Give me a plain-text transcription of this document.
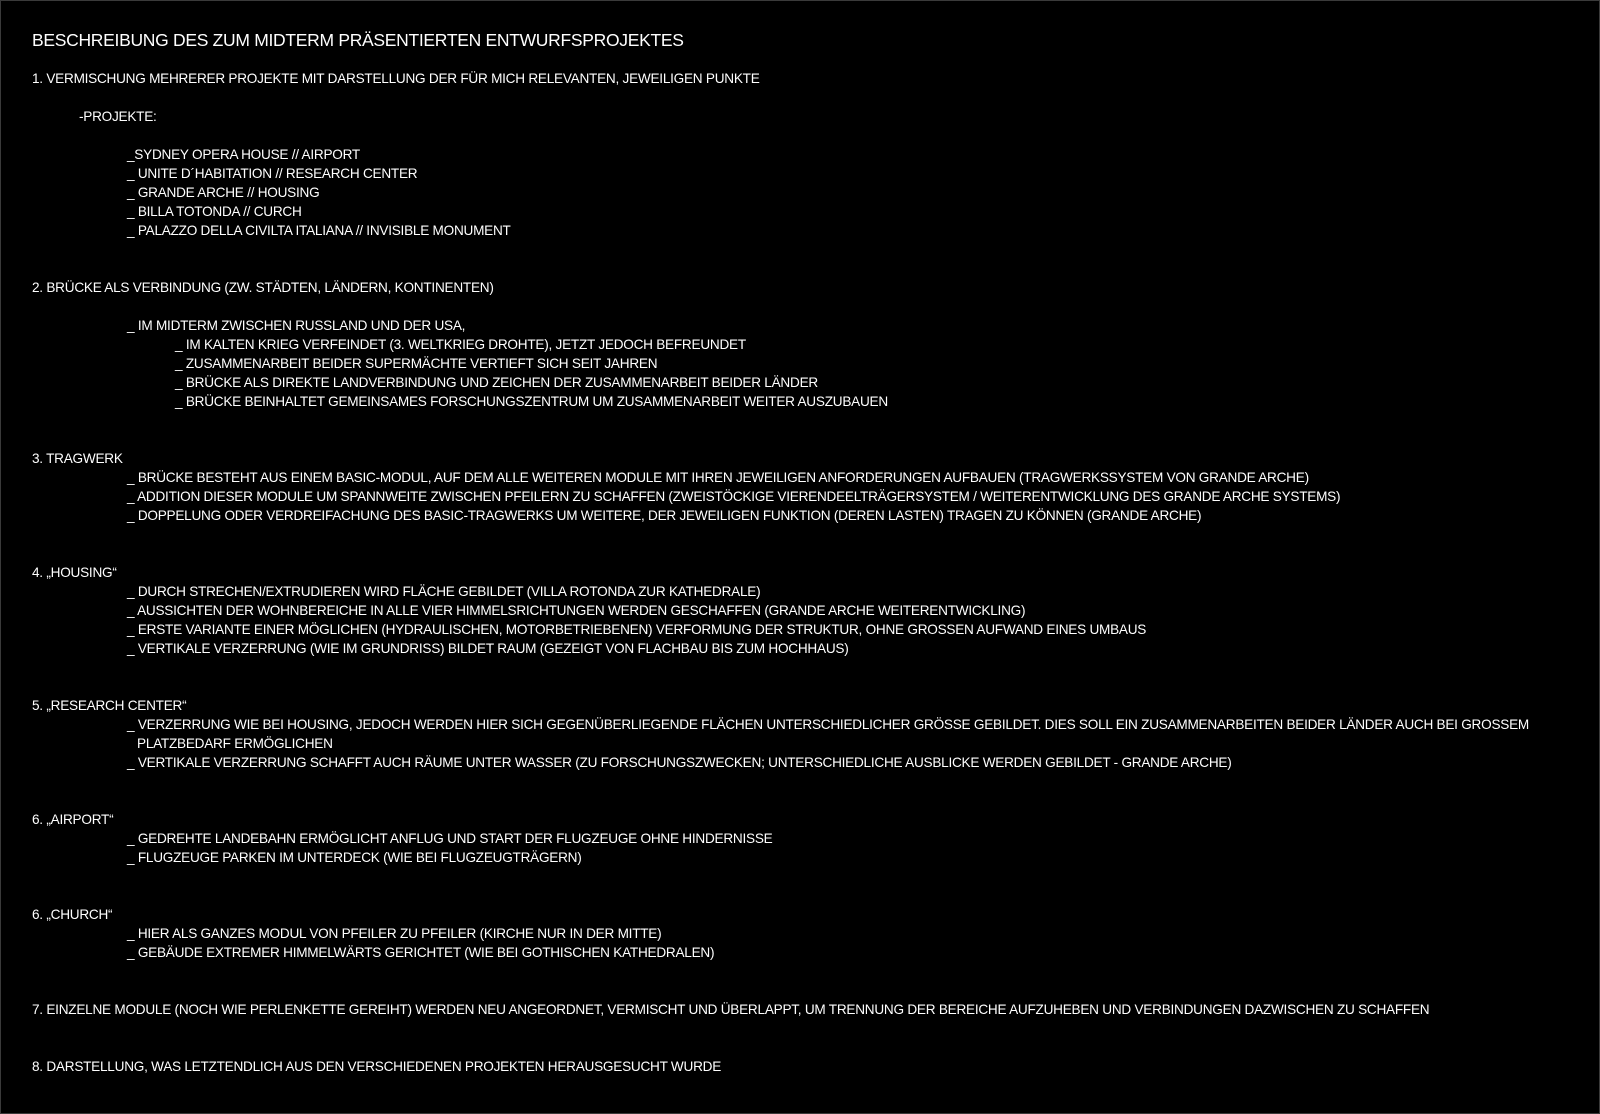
BESCHREIBUNG DES ZUM MIDTERM PRÄSENTIERTEN ENTWURFSPROJEKTES
1. VERMISCHUNG MEHRERER PROJEKTE MIT DARSTELLUNG DER FÜR MICH RELEVANTEN, JEWEILIGEN PUNKTE
-PROJEKTE:
_SYDNEY OPERA HOUSE // AIRPORT
_ UNITE D´HABITATION // RESEARCH CENTER
_ GRANDE ARCHE // HOUSING
_ BILLA TOTONDA // CURCH
_ PALAZZO DELLA CIVILTA ITALIANA // INVISIBLE MONUMENT
2. BRÜCKE ALS VERBINDUNG (ZW. STÄDTEN, LÄNDERN, KONTINENTEN)
_ IM MIDTERM ZWISCHEN RUSSLAND UND DER USA,
_ IM KALTEN KRIEG VERFEINDET (3. WELTKRIEG DROHTE), JETZT JEDOCH BEFREUNDET
_ ZUSAMMENARBEIT BEIDER SUPERMÄCHTE VERTIEFT SICH SEIT JAHREN
_ BRÜCKE ALS DIREKTE LANDVERBINDUNG UND ZEICHEN DER ZUSAMMENARBEIT BEIDER LÄNDER
_ BRÜCKE BEINHALTET GEMEINSAMES FORSCHUNGSZENTRUM UM ZUSAMMENARBEIT WEITER AUSZUBAUEN
3. TRAGWERK
_ BRÜCKE BESTEHT AUS EINEM BASIC-MODUL, AUF DEM ALLE WEITEREN MODULE MIT IHREN JEWEILIGEN ANFORDERUNGEN AUFBAUEN (TRAGWERKSSYSTEM VON GRANDE ARCHE)
_ ADDITION DIESER MODULE UM SPANNWEITE ZWISCHEN PFEILERN ZU SCHAFFEN (ZWEISTÖCKIGE VIERENDEELTRÄGERSYSTEM / WEITERENTWICKLUNG DES GRANDE ARCHE SYSTEMS)
_ DOPPELUNG ODER VERDREIFACHUNG DES BASIC-TRAGWERKS UM WEITERE, DER JEWEILIGEN FUNKTION (DEREN LASTEN) TRAGEN ZU KÖNNEN (GRANDE ARCHE)
4. „HOUSING“
_ DURCH STRECHEN/EXTRUDIEREN WIRD FLÄCHE GEBILDET (VILLA ROTONDA ZUR KATHEDRALE)
_ AUSSICHTEN DER WOHNBEREICHE IN ALLE VIER HIMMELSRICHTUNGEN WERDEN GESCHAFFEN (GRANDE ARCHE WEITERENTWICKLING)
_ ERSTE VARIANTE EINER MÖGLICHEN (HYDRAULISCHEN, MOTORBETRIEBENEN) VERFORMUNG DER STRUKTUR, OHNE GROSSEN AUFWAND EINES UMBAUS
_ VERTIKALE VERZERRUNG (WIE IM GRUNDRISS) BILDET RAUM (GEZEIGT VON FLACHBAU BIS ZUM HOCHHAUS)
5. „RESEARCH CENTER“
_ VERZERRUNG WIE BEI HOUSING, JEDOCH WERDEN HIER SICH GEGENÜBERLIEGENDE FLÄCHEN UNTERSCHIEDLICHER GRÖSSE GEBILDET. DIES SOLL EIN ZUSAMMENARBEITEN BEIDER LÄNDER AUCH BEI GROSSEM
PLATZBEDARF ERMÖGLICHEN
_ VERTIKALE VERZERRUNG SCHAFFT AUCH RÄUME UNTER WASSER (ZU FORSCHUNGSZWECKEN; UNTERSCHIEDLICHE AUSBLICKE WERDEN GEBILDET - GRANDE ARCHE)
6. „AIRPORT“
_ GEDREHTE LANDEBAHN ERMÖGLICHT ANFLUG UND START DER FLUGZEUGE OHNE HINDERNISSE
_ FLUGZEUGE PARKEN IM UNTERDECK (WIE BEI FLUGZEUGTRÄGERN)
6. „CHURCH“
_ HIER ALS GANZES MODUL VON PFEILER ZU PFEILER (KIRCHE NUR IN DER MITTE)
_ GEBÄUDE EXTREMER HIMMELWÄRTS GERICHTET (WIE BEI GOTHISCHEN KATHEDRALEN)
7. EINZELNE MODULE (NOCH WIE PERLENKETTE GEREIHT) WERDEN NEU ANGEORDNET, VERMISCHT UND ÜBERLAPPT, UM TRENNUNG DER BEREICHE AUFZUHEBEN UND VERBINDUNGEN DAZWISCHEN ZU SCHAFFEN
8. DARSTELLUNG, WAS LETZTENDLICH AUS DEN VERSCHIEDENEN PROJEKTEN HERAUSGESUCHT WURDE
